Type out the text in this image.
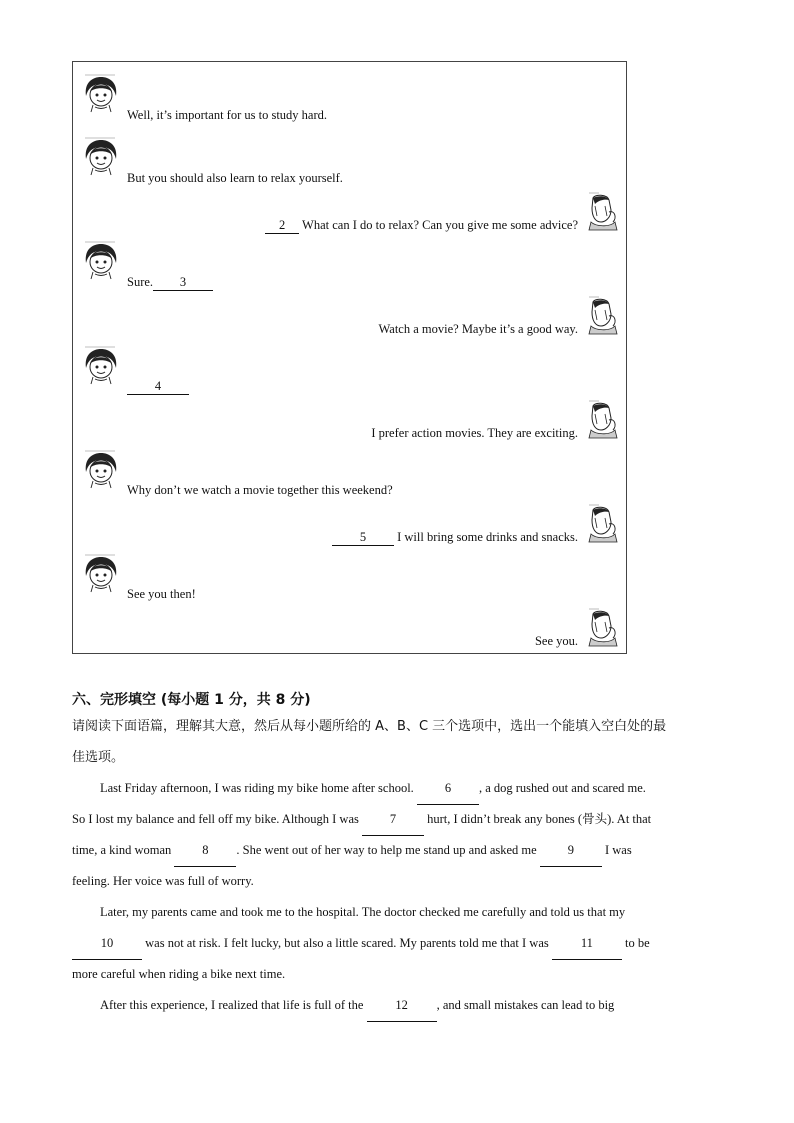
Well, it’s important for us to study hard.
But you should also learn to relax yourself.
2 What can I do to relax? Can you give me some advice?
Sure. 3
Watch a movie? Maybe it’s a good way.
4
I prefer action movies. They are exciting.
Why don’t we watch a movie together this weekend?
5 I will bring some drinks and snacks.
See you then!
See you.
六、完形填空 (每小题 1 分，共 8 分)
请阅读下面语篇，理解其大意，然后从每小题所给的 A、B、C 三个选项中，选出一个能填入空白处的最
佳选项。
Last Friday afternoon, I was riding my bike home after school. 6 , a dog rushed out and scared me.
So I lost my balance and fell off my bike. Although I was 7 hurt, I didn’t break any bones (骨头). At that
time, a kind woman 8 . She went out of her way to help me stand up and asked me 9 I was
feeling. Her voice was full of worry.
Later, my parents came and took me to the hospital. The doctor checked me carefully and told us that my
10 was not at risk. I felt lucky, but also a little scared. My parents told me that I was 11 to be
more careful when riding a bike next time.
After this experience, I realized that life is full of the 12 , and small mistakes can lead to big
